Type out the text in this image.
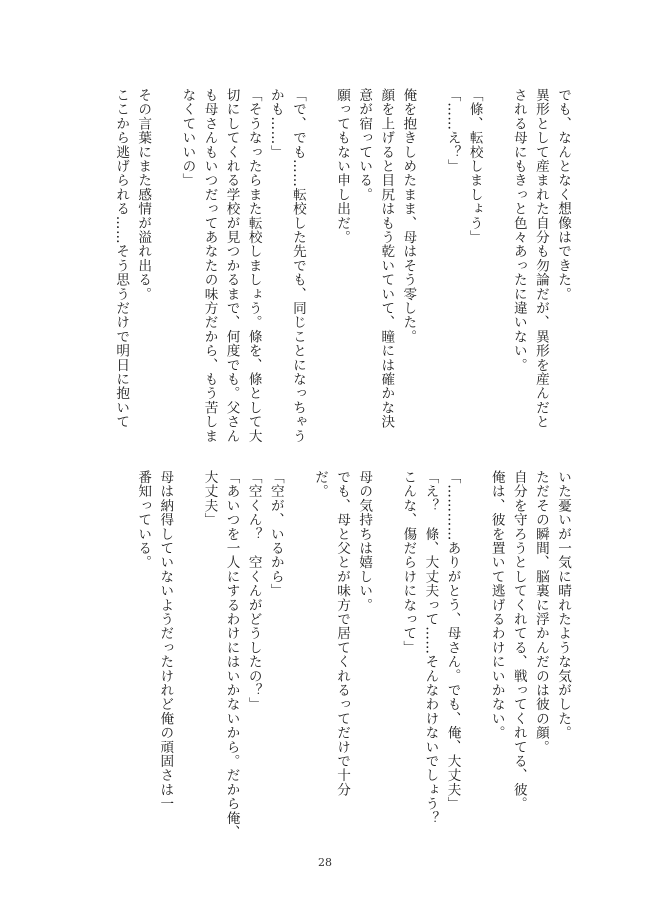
でも、なんとなく想像はできた。
異形として産まれた自分も勿論だが、異形を産んだと
される母にもきっと色々あったに違いない。
「條、転校しましょう」
「……え？」
俺を抱きしめたまま、母はそう零した。
顔を上げると目尻はもう乾いていて、瞳には確かな決
意が宿っている。
願ってもない申し出だ。
「で、でも……転校した先でも、同じことになっちゃう
かも……」
「そうなったらまた転校しましょう。條を、條として大
切にしてくれる学校が見つかるまで、何度でも。父さん
も母さんもいつだってあなたの味方だから、もう苦しま
なくていいの」
その言葉にまた感情が溢れ出る。
ここから逃げられる……そう思うだけで明日に抱いて
いた憂いが一気に晴れたような気がした。
ただその瞬間、脳裏に浮かんだのは彼の顔。
自分を守ろうとしてくれてる、戦ってくれてる、彼。
俺は、彼を置いて逃げるわけにいかない。
「…………ありがとう、母さん。でも、俺、大丈夫」
「え？　條、大丈夫って……そんなわけないでしょう？
こんな、傷だらけになって」
母の気持ちは嬉しい。
でも、母と父とが味方で居てくれるってだけで十分
だ。
「空が、いるから」
「空くん？　空くんがどうしたの？」
「あいつを一人にするわけにはいかないから。だから俺、
大丈夫」
母は納得していないようだったけれど俺の頑固さは一
番知っている。
28
